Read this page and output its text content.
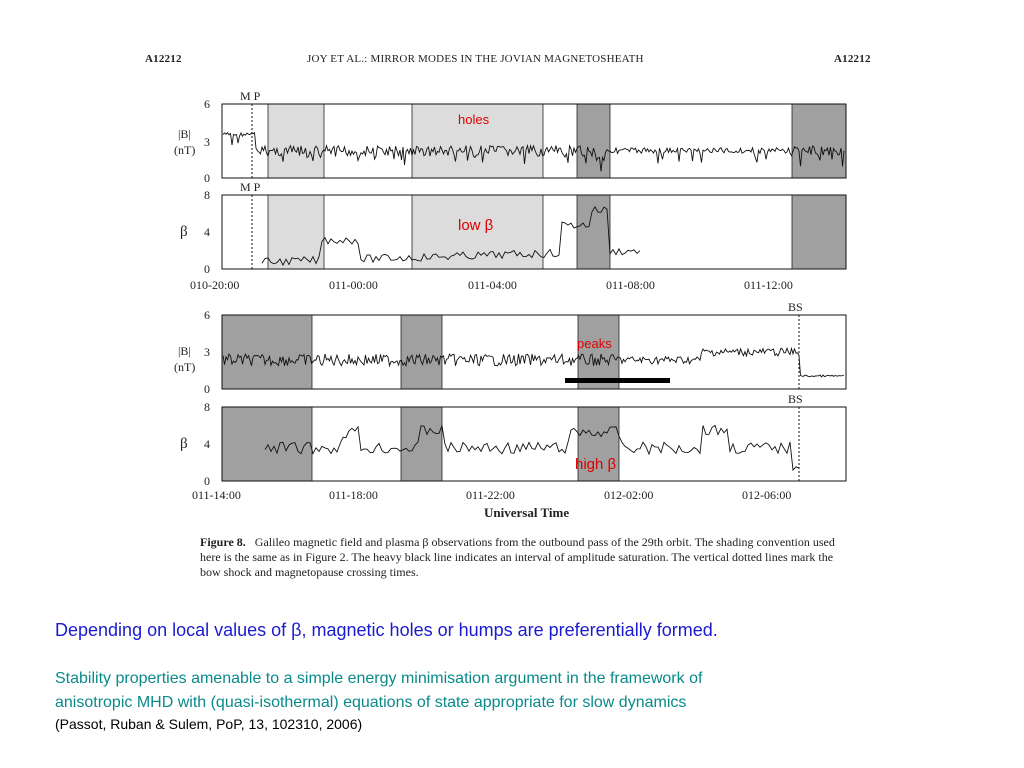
A12212	JOY ET AL.: MIRROR MODES IN THE JOVIAN MAGNETOSHEATH	A12212
M P
|B|
(nT)
6
3
0
holes
M P
β
8
4
0
low β
010-20:00	011-00:00	011-04:00	011-08:00	011-12:00
BS
|B|
(nT)
6
3
0
peaks
BS
β
8
4
0
high β
011-14:00	011-18:00	011-22:00	012-02:00	012-06:00
Universal Time
Figure 8. Galileo magnetic field and plasma β observations from the outbound pass of the 29th orbit. The shading convention used here is the same as in Figure 2. The heavy black line indicates an interval of amplitude saturation. The vertical dotted lines mark the bow shock and magnetopause crossing times.
Depending on local values of β, magnetic holes or humps are preferentially formed.
Stability properties amenable to a simple energy minimisation argument in the framework of
anisotropic MHD with (quasi-isothermal) equations of state appropriate for slow dynamics
(Passot, Ruban & Sulem, PoP, 13, 102310, 2006)
